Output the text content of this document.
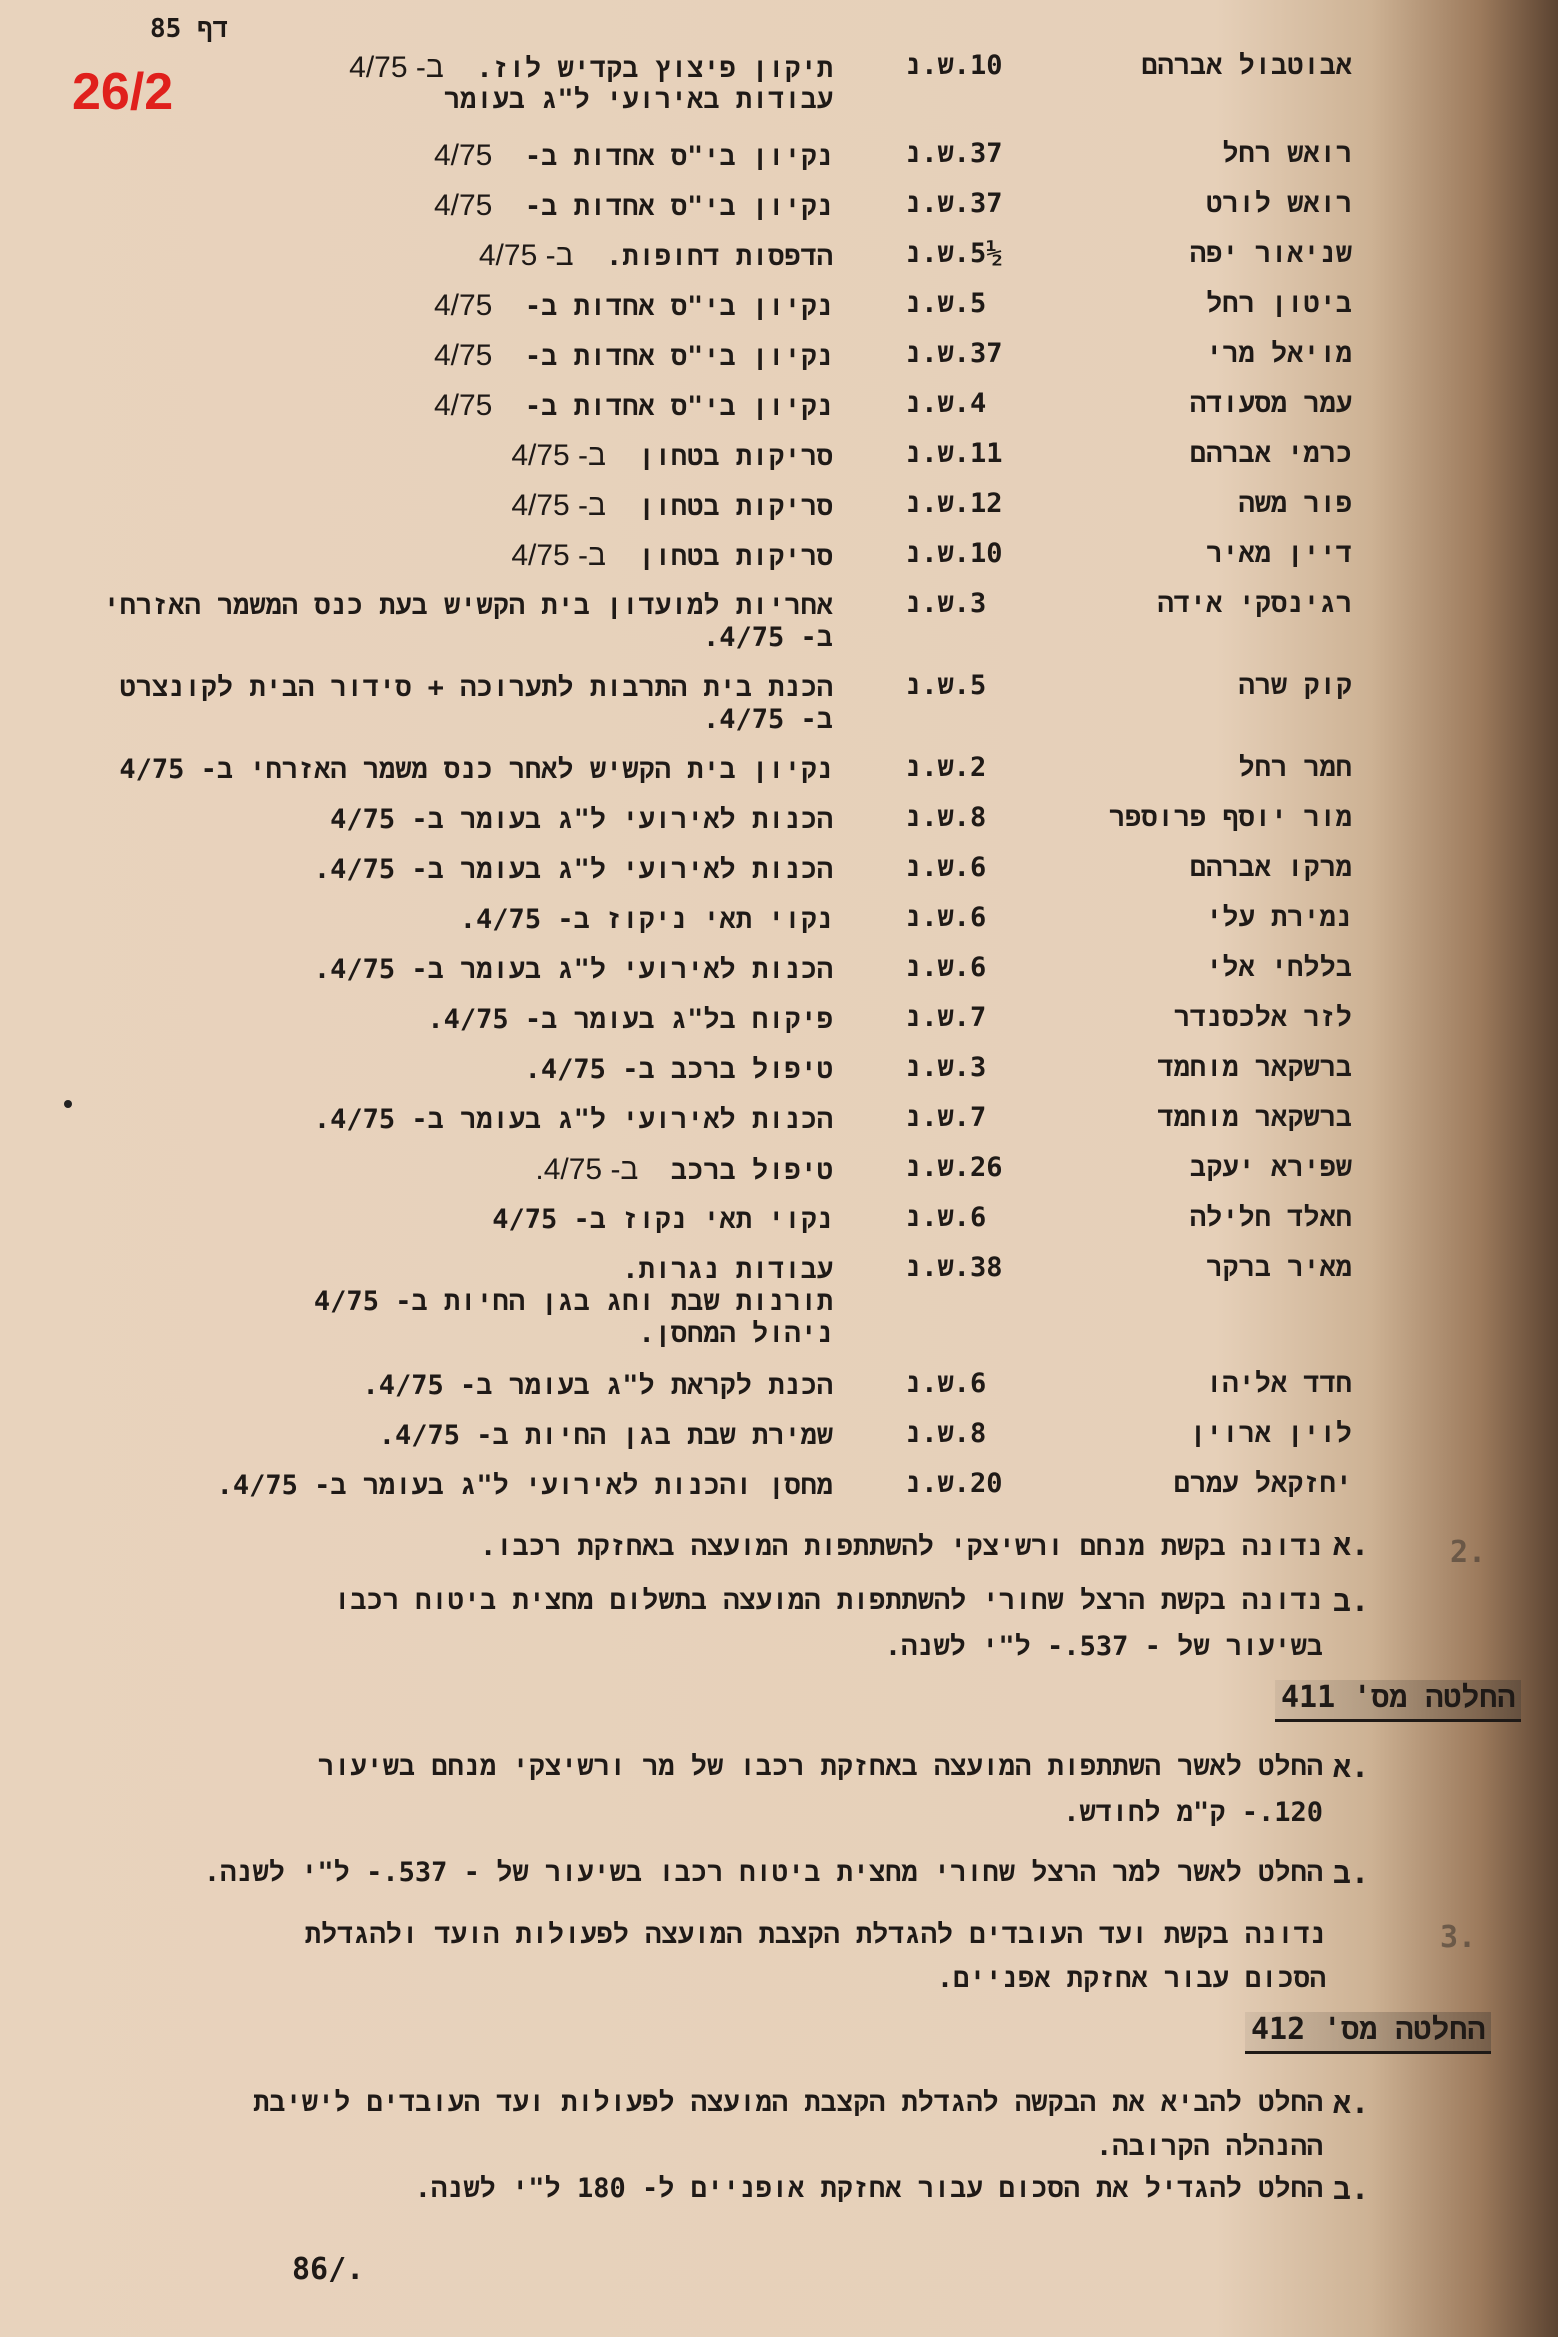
דף 85
26/2	אבוטבול אברהם
ש.נ.10
תיקון פיצוץ בקדיש לוז.  ב- 4/75
עבודות באירועי ל"ג בעומר
רואש רחל
ש.נ.37
נקיון בי"ס אחדות ב-  4/75
רואש לורט
ש.נ.37
נקיון בי"ס אחדות ב-  4/75
שניאור יפה
ש.נ.5½
הדפסות דחופות.  ב- 4/75
ביטון רחל
ש.נ.5
נקיון בי"ס אחדות ב-  4/75
מויאל מרי
ש.נ.37
נקיון בי"ס אחדות ב-  4/75
עמר מסעודה
ש.נ.4
נקיון בי"ס אחדות ב-  4/75
כרמי אברהם
ש.נ.11
סריקות בטחון  ב- 4/75
פור משה
ש.נ.12
סריקות בטחון  ב- 4/75
דיין מאיר
ש.נ.10
סריקות בטחון  ב- 4/75
רגינסקי אידה
ש.נ.3
אחריות למועדון בית הקשיש בעת כנס המשמר האזרחי
ב- 4/75.
קוק שרה
ש.נ.5
הכנת בית התרבות לתערוכה + סידור הבית לקונצרט
ב- 4/75.
חמר רחל
ש.נ.2
נקיון בית הקשיש לאחר כנס משמר האזרחי ב- 4/75
מור יוסף פרוספר
ש.נ.8
הכנות לאירועי ל"ג בעומר ב- 4/75
מרקו אברהם
ש.נ.6
הכנות לאירועי ל"ג בעומר ב- 4/75.
נמירת עלי
ש.נ.6
נקוי תאי ניקוז ב- 4/75.
בללחי אלי
ש.נ.6
הכנות לאירועי ל"ג בעומר ב- 4/75.
לזר אלכסנדר
ש.נ.7
פיקוח בל"ג בעומר ב- 4/75.
ברשקאר מוחמד
ש.נ.3
טיפול ברכב ב- 4/75.
ברשקאר מוחמד
ש.נ.7
הכנות לאירועי ל"ג בעומר ב- 4/75.
שפירא יעקב
ש.נ.26
טיפול ברכב  ב- 4/75.
חאלד חלילה
ש.נ.6
נקוי תאי נקוז ב- 4/75
מאיר ברקר
ש.נ.38
עבודות נגרות.
תורנות שבת וחג בגן החיות ב- 4/75
ניהול המחסן.
חדד אליהו
ש.נ.6
הכנת לקראת ל"ג בעומר ב- 4/75.
לוין ארוין
ש.נ.8
שמירת שבת בגן החיות ב- 4/75.
יחזקאל עמרם
ש.נ.20
מחסן והכנות לאירועי ל"ג בעומר ב- 4/75.
2.
א.
נדונה בקשת מנחם ורשיצקי להשתתפות המועצה באחזקת רכבו.
ב.
נדונה בקשת הרצל שחורי להשתתפות המועצה בתשלום מחצית ביטוח רכבו
בשיעור של - 537.- ל"י לשנה.
החלטה מס' 411
א.
החלט לאשר השתתפות המועצה באחזקת רכבו של מר ורשיצקי מנחם בשיעור
120.- ק"מ לחודש.
ב.
החלט לאשר למר הרצל שחורי מחצית ביטוח רכבו בשיעור של - 537.- ל"י לשנה.
3.
נדונה בקשת ועד העובדים להגדלת הקצבת המועצה לפעולות הועד ולהגדלת
הסכום עבור אחזקת אפניים.
החלטה מס' 412
א.
החלט להביא את הבקשה להגדלת הקצבת המועצה לפעולות ועד העובדים לישיבת
ההנהלה הקרובה.
ב.
החלט להגדיל את הסכום עבור אחזקת אופניים ל- 180 ל"י לשנה.
86/.
